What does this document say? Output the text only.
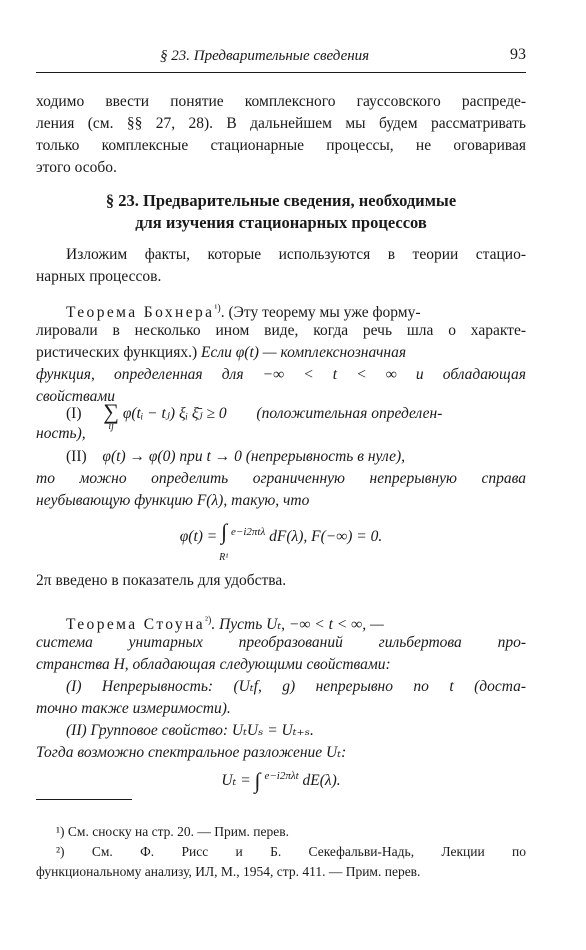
§ 23. Предварительные сведения	93
ходимо ввести понятие комплексного гауссовского распреде-
ления (см. §§ 27, 28). В дальнейшем мы будем рассматривать
только комплексные стационарные процессы, не оговаривая
этого особо.
§ 23. Предварительные сведения, необходимые
для изучения стационарных процессов
Изложим факты, которые используются в теории стацио-
нарных процессов.
Теорема Бохнера$^{^1)}$. (Эту теорему мы уже форму-
лировали в несколько ином виде, когда речь шла о характе-
ристических функциях.) Если φ(t) — комплекснозначная
функция, определенная для −∞ < t < ∞ и обладающая
свойствами
(I) ∑
ij
φ(tᵢ − tⱼ) ξᵢ ξ̄ⱼ ≥ 0 (положительная определен-
ность),
(II) φ(t) → φ(0) при t → 0 (непрерывность в нуле),
то можно определить ограниченную непрерывную справа
неубывающую функцию F(λ), такую, что
φ(t) = ∫
R¹
$^{e-i2\pi t\lambda}$ dF(λ), F(−∞) = 0.
2π введено в показатель для удобства.
Теорема Стоуна$^{^2)}$. Пусть Uₜ, −∞ < t < ∞, —
система унитарных преобразований гильбертова про-
странства H, обладающая следующими свойствами:
(I) Непрерывность: (Uₜf, g) непрерывно по t (доста-
точно также измеримости).
(II) Групповое свойство: UₜUₛ = Uₜ₊ₛ.
Тогда возможно спектральное разложение Uₜ:
Uₜ = ∫ $^{e-i2\pi\lambda t}$ dE(λ).
¹) См. сноску на стр. 20. — Прим. перев.
²) См. Ф. Рисс и Б. Секефальви-Надь, Лекции по
функциональному анализу, ИЛ, М., 1954, стр. 411. — Прим. перев.
